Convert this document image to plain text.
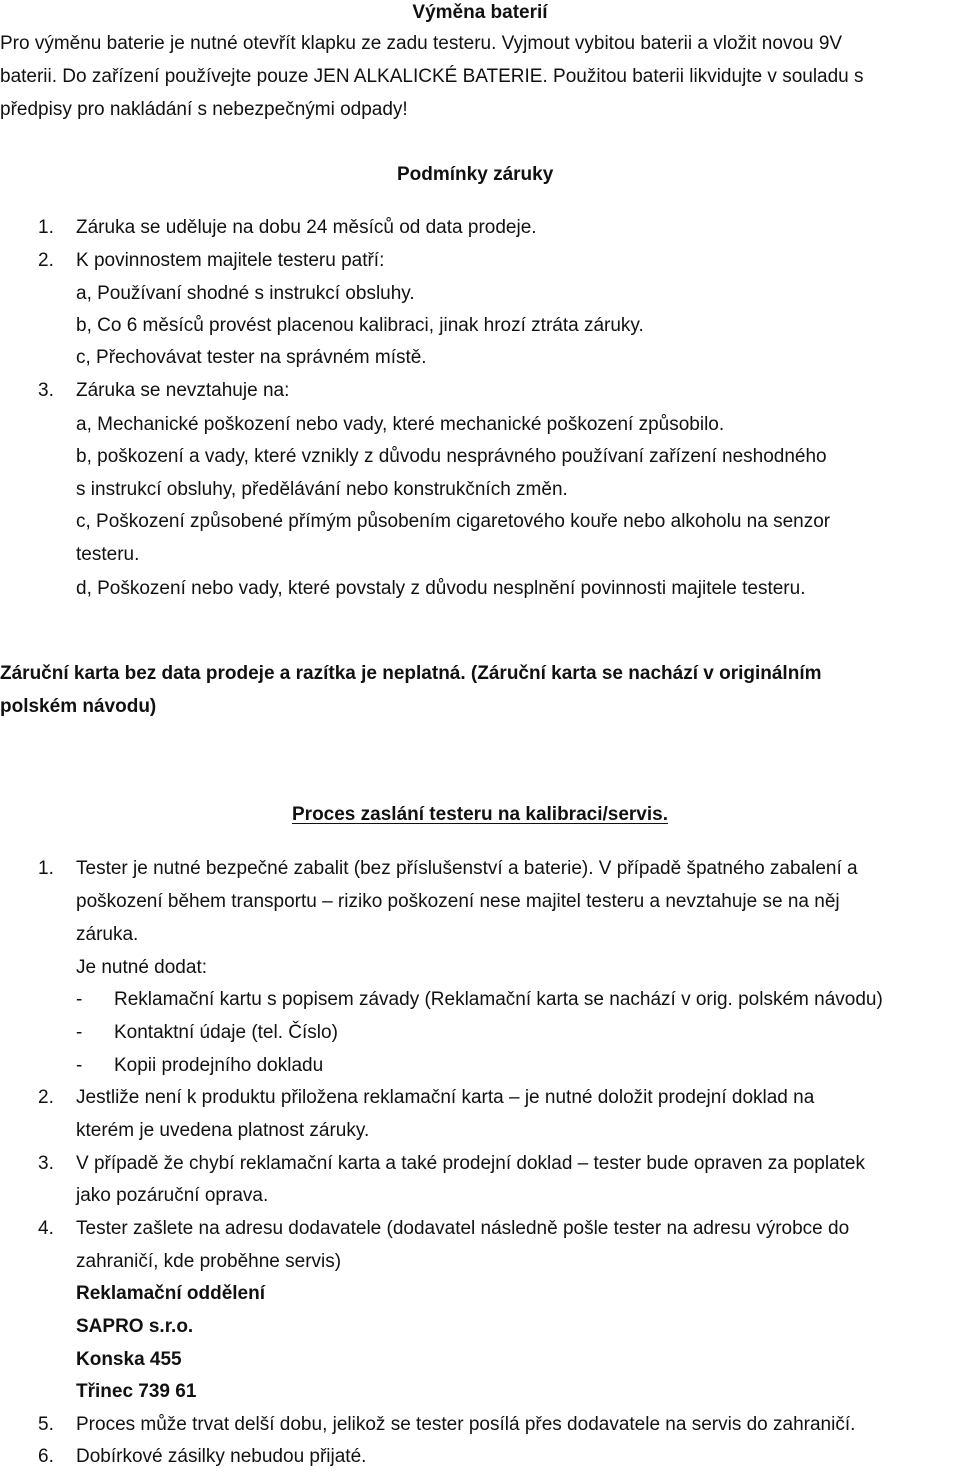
Výměna baterií
Pro výměnu baterie je nutné otevřít klapku ze zadu testeru. Vyjmout vybitou baterii a vložit novou 9V
baterii. Do zařízení používejte pouze JEN ALKALICKÉ BATERIE. Použitou baterii likvidujte v souladu s
předpisy pro nakládání s nebezpečnými odpady!
Podmínky záruky
1. Záruka se uděluje na dobu 24 měsíců od data prodeje.
2. K povinnostem majitele testeru patří:
a, Používaní shodné s instrukcí obsluhy.
b, Co 6 měsíců provést placenou kalibraci, jinak hrozí ztráta záruky.
c, Přechovávat tester na správném místě.
3. Záruka se nevztahuje na:
a, Mechanické poškození nebo vady, které mechanické poškození způsobilo.
b, poškození a vady, které vznikly z důvodu nesprávného používaní zařízení neshodného
s instrukcí obsluhy, předělávání nebo konstrukčních změn.
c, Poškození způsobené přímým působením cigaretového kouře nebo alkoholu na senzor
testeru.
d, Poškození nebo vady, které povstaly z důvodu nesplnění povinnosti majitele testeru.
Záruční karta bez data prodeje a razítka je neplatná. (Záruční karta se nachází v originálním
polském návodu)
Proces zaslání testeru na kalibraci/servis.
1. Tester je nutné bezpečné zabalit (bez příslušenství a baterie). V případě špatného zabalení a
poškození během transportu – riziko poškození nese majitel testeru a nevztahuje se na něj
záruka.
Je nutné dodat:
- Reklamační kartu s popisem závady (Reklamační karta se nachází v orig. polském návodu)
- Kontaktní údaje (tel. Číslo)
- Kopii prodejního dokladu
2. Jestliže není k produktu přiložena reklamační karta – je nutné doložit prodejní doklad na
kterém je uvedena platnost záruky.
3. V případě že chybí reklamační karta a také prodejní doklad – tester bude opraven za poplatek
jako pozáruční oprava.
4. Tester zašlete na adresu dodavatele (dodavatel následně pošle tester na adresu výrobce do
zahraničí, kde proběhne servis)
Reklamační oddělení
SAPRO s.r.o.
Konska 455
Třinec 739 61
5. Proces může trvat delší dobu, jelikož se tester posílá přes dodavatele na servis do zahraničí.
6. Dobírkové zásilky nebudou přijaté.
